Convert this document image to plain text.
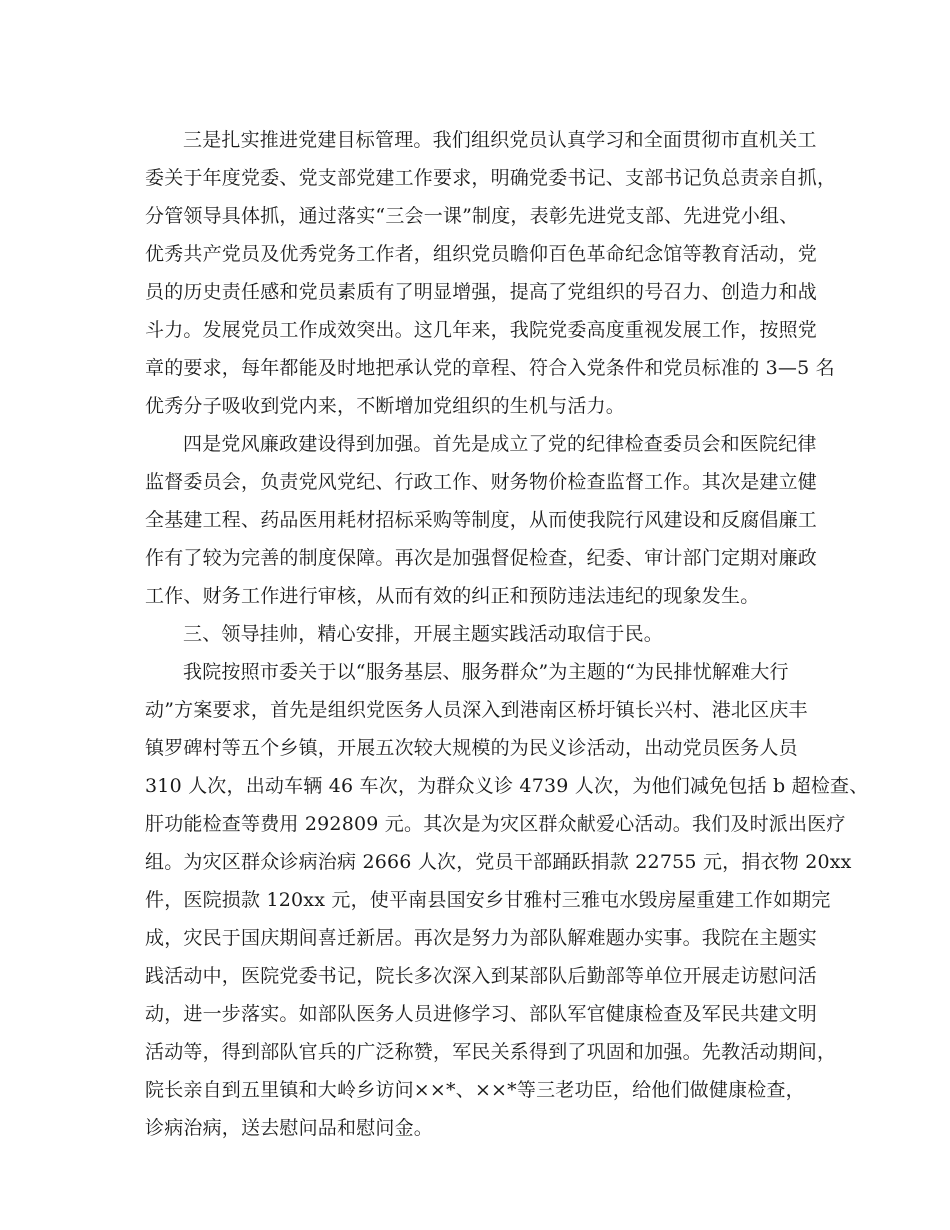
三是扎实推进党建目标管理。我们组织党员认真学习和全面贯彻市直机关工
委关于年度党委、党支部党建工作要求，明确党委书记、支部书记负总责亲自抓，
分管领导具体抓，通过落实“三会一课”制度，表彰先进党支部、先进党小组、
优秀共产党员及优秀党务工作者，组织党员瞻仰百色革命纪念馆等教育活动，党
员的历史责任感和党员素质有了明显增强，提高了党组织的号召力、创造力和战
斗力。发展党员工作成效突出。这几年来，我院党委高度重视发展工作，按照党
章的要求，每年都能及时地把承认党的章程、符合入党条件和党员标准的 3—5 名
优秀分子吸收到党内来，不断增加党组织的生机与活力。
四是党风廉政建设得到加强。首先是成立了党的纪律检查委员会和医院纪律
监督委员会，负责党风党纪、行政工作、财务物价检查监督工作。其次是建立健
全基建工程、药品医用耗材招标采购等制度，从而使我院行风建设和反腐倡廉工
作有了较为完善的制度保障。再次是加强督促检查，纪委、审计部门定期对廉政
工作、财务工作进行审核，从而有效的纠正和预防违法违纪的现象发生。
三、领导挂帅，精心安排，开展主题实践活动取信于民。
我院按照市委关于以“服务基层、服务群众”为主题的“为民排忧解难大行
动”方案要求，首先是组织党医务人员深入到港南区桥圩镇长兴村、港北区庆丰
镇罗碑村等五个乡镇，开展五次较大规模的为民义诊活动，出动党员医务人员
310 人次，出动车辆 46 车次，为群众义诊 4739 人次，为他们减免包括 b 超检查、
肝功能检查等费用 292809 元。其次是为灾区群众献爱心活动。我们及时派出医疗
组。为灾区群众诊病治病 2666 人次，党员干部踊跃捐款 22755 元，捐衣物 20xx
件，医院损款 120xx 元，使平南县国安乡甘雅村三雅屯水毁房屋重建工作如期完
成，灾民于国庆期间喜迁新居。再次是努力为部队解难题办实事。我院在主题实
践活动中，医院党委书记，院长多次深入到某部队后勤部等单位开展走访慰问活
动，进一步落实。如部队医务人员进修学习、部队军官健康检查及军民共建文明
活动等，得到部队官兵的广泛称赞，军民关系得到了巩固和加强。先教活动期间，
院长亲自到五里镇和大岭乡访问××*、××*等三老功臣，给他们做健康检查，
诊病治病，送去慰问品和慰问金。
